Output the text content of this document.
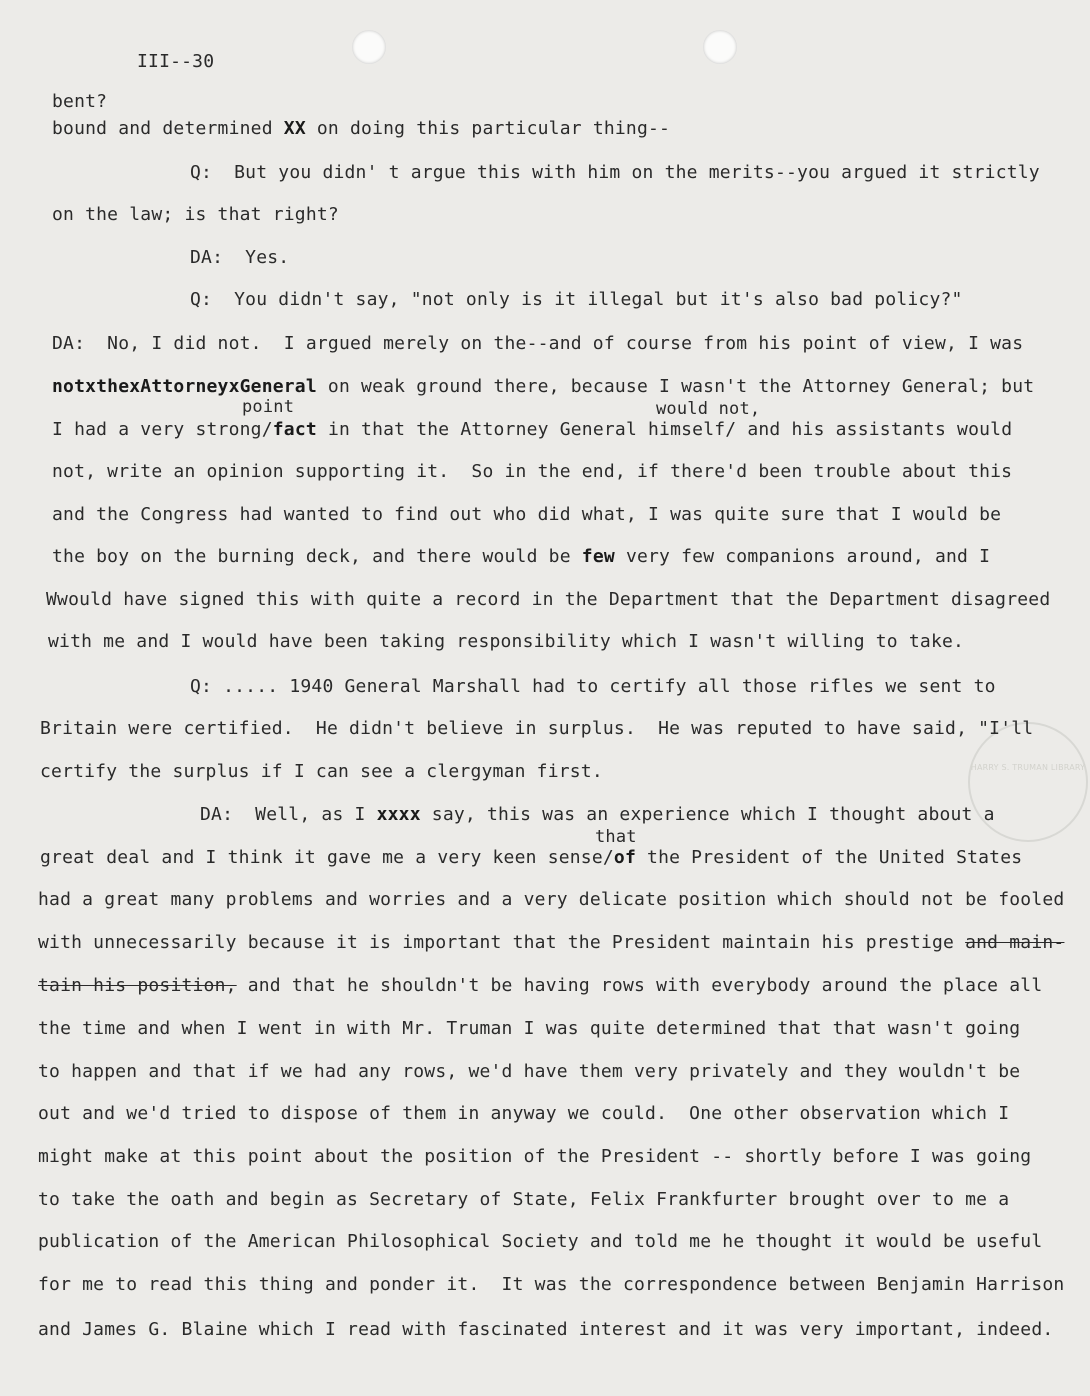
HARRY S. TRUMAN LIBRARY
III--30
bent?
bound and determined XX on doing this particular thing--
Q:  But you didn' t argue this with him on the merits--you argued it strictly
on the law; is that right?
DA:  Yes.
Q:  You didn't say, "not only is it illegal but it's also bad policy?"
DA:  No, I did not.  I argued merely on the--and of course from his point of view, I was
notxthexAttorneyxGeneral on weak ground there, because I wasn't the Attorney General; but
point	would not,
I had a very strong/fact in that the Attorney General himself/ and his assistants would
not, write an opinion supporting it.  So in the end, if there'd been trouble about this
and the Congress had wanted to find out who did what, I was quite sure that I would be
the boy on the burning deck, and there would be few very few companions around, and I
Wwould have signed this with quite a record in the Department that the Department disagreed
with me and I would have been taking responsibility which I wasn't willing to take.
Q: ..... 1940 General Marshall had to certify all those rifles we sent to
Britain were certified.  He didn't believe in surplus.  He was reputed to have said, "I'll
certify the surplus if I can see a clergyman first.
DA:  Well, as I xxxx say, this was an experience which I thought about a
that
great deal and I think it gave me a very keen sense/of the President of the United States
had a great many problems and worries and a very delicate position which should not be fooled
with unnecessarily because it is important that the President maintain his prestige and main-
tain his position, and that he shouldn't be having rows with everybody around the place all
the time and when I went in with Mr. Truman I was quite determined that that wasn't going
to happen and that if we had any rows, we'd have them very privately and they wouldn't be
out and we'd tried to dispose of them in anyway we could.  One other observation which I
might make at this point about the position of the President -- shortly before I was going
to take the oath and begin as Secretary of State, Felix Frankfurter brought over to me a
publication of the American Philosophical Society and told me he thought it would be useful
for me to read this thing and ponder it.  It was the correspondence between Benjamin Harrison
and James G. Blaine which I read with fascinated interest and it was very important, indeed.
